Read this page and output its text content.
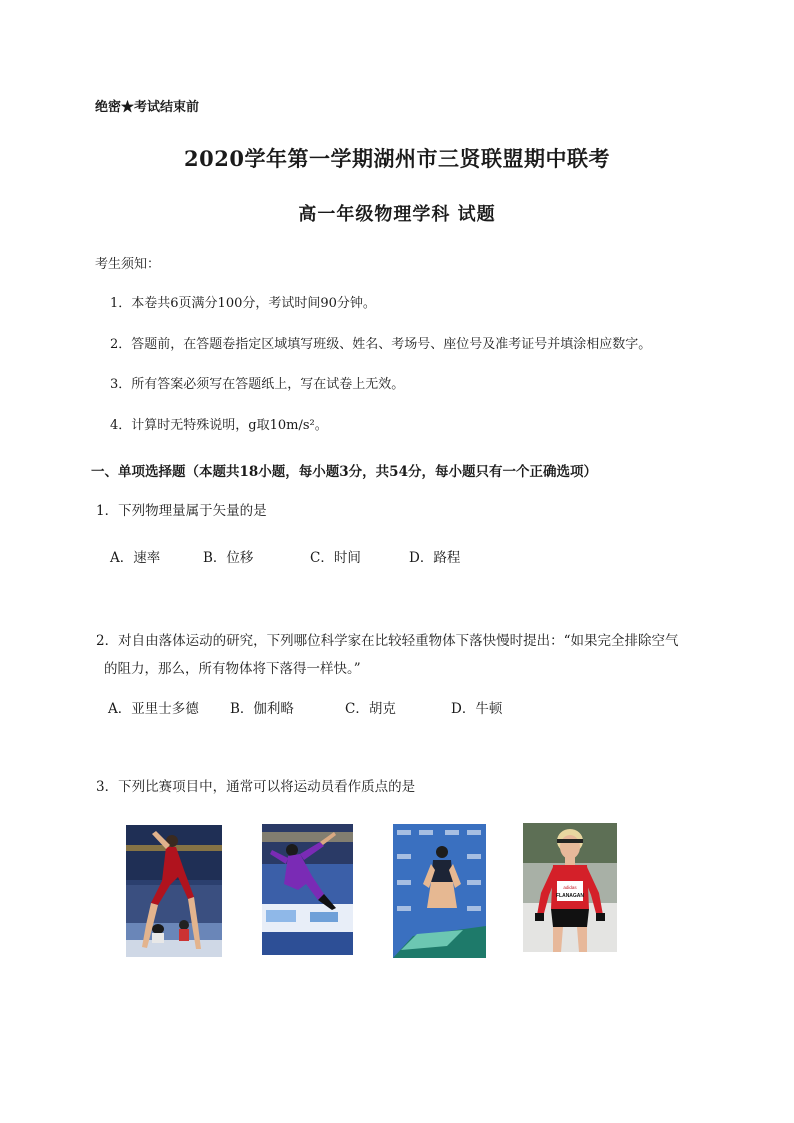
绝密★考试结束前
2020学年第一学期湖州市三贤联盟期中联考
高一年级物理学科 试题
考生须知：
1．本卷共6页满分100分，考试时间90分钟。
2．答题前，在答题卷指定区域填写班级、姓名、考场号、座位号及准考证号并填涂相应数字。
3．所有答案必须写在答题纸上，写在试卷上无效。
4．计算时无特殊说明，g取10m/s²。
一、单项选择题（本题共18小题，每小题3分，共54分，每小题只有一个正确选项）
1．下列物理量属于矢量的是
A．速率	B．位移	C．时间	D．路程
2．对自由落体运动的研究，下列哪位科学家在比较轻重物体下落快慢时提出：“如果完全排除空气
的阻力，那么，所有物体将下落得一样快。”
A．亚里士多德 B．伽利略	C．胡克	D．牛顿
3．下列比赛项目中，通常可以将运动员看作质点的是
adidas
FLANAGAN
